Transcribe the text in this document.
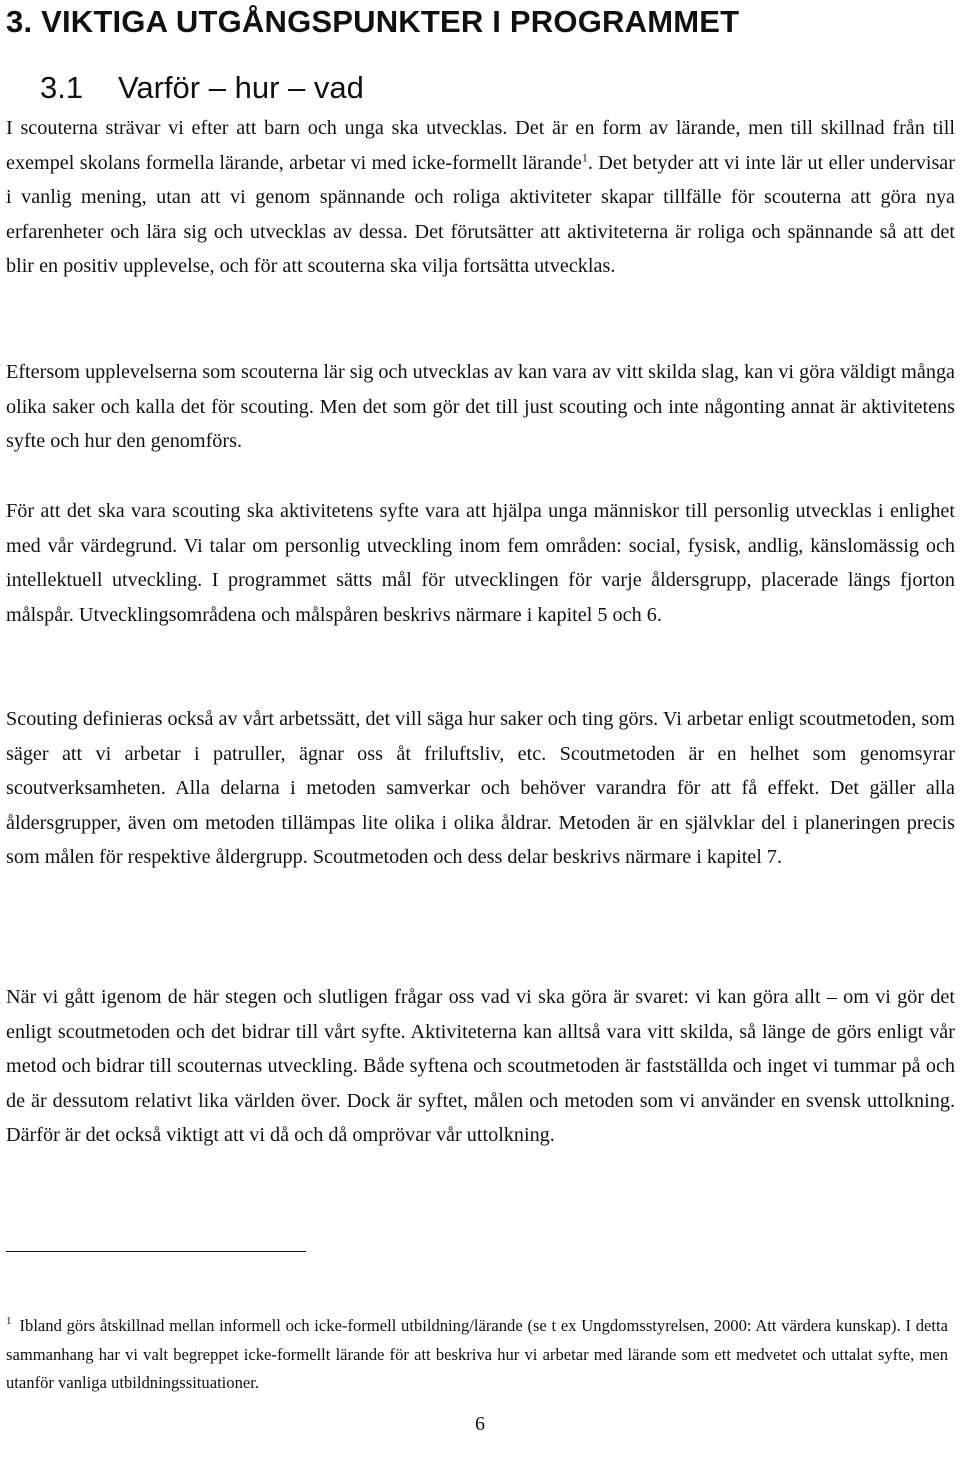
3. VIKTIGA UTGÅNGSPUNKTER I PROGRAMMET
3.1 Varför – hur – vad

I scouterna strävar vi efter att barn och unga ska utvecklas. Det är en form av lärande, men till skillnad från till exempel skolans formella lärande, arbetar vi med icke-formellt lärande$^1$. Det betyder att vi inte lär ut eller undervisar i vanlig mening, utan att vi genom spännande och roliga aktiviteter skapar tillfälle för scouterna att göra nya erfarenheter och lära sig och utvecklas av dessa. Det förutsätter att aktiviteterna är roliga och spännande så att det blir en positiv upplevelse, och för att scouterna ska vilja fortsätta utvecklas.

Eftersom upplevelserna som scouterna lär sig och utvecklas av kan vara av vitt skilda slag, kan vi göra väldigt många olika saker och kalla det för scouting. Men det som gör det till just scouting och inte någonting annat är aktivitetens syfte och hur den genomförs.

För att det ska vara scouting ska aktivitetens syfte vara att hjälpa unga människor till personlig utvecklas i enlighet med vår värdegrund. Vi talar om personlig utveckling inom fem områden: social, fysisk, andlig, känslomässig och intellektuell utveckling. I programmet sätts mål för utvecklingen för varje åldersgrupp, placerade längs fjorton målspår. Utvecklingsområdena och målspåren beskrivs närmare i kapitel 5 och 6.

Scouting definieras också av vårt arbetssätt, det vill säga hur saker och ting görs. Vi arbetar enligt scoutmetoden, som säger att vi arbetar i patruller, ägnar oss åt friluftsliv, etc. Scoutmetoden är en helhet som genomsyrar scoutverksamheten. Alla delarna i metoden samverkar och behöver varandra för att få effekt. Det gäller alla åldersgrupper, även om metoden tillämpas lite olika i olika åldrar. Metoden är en självklar del i planeringen precis som målen för respektive åldergrupp. Scoutmetoden och dess delar beskrivs närmare i kapitel 7.

När vi gått igenom de här stegen och slutligen frågar oss vad vi ska göra är svaret: vi kan göra allt – om vi gör det enligt scoutmetoden och det bidrar till vårt syfte. Aktiviteterna kan alltså vara vitt skilda, så länge de görs enligt vår metod och bidrar till scouternas utveckling. Både syftena och scoutmetoden är fastställda och inget vi tummar på och de är dessutom relativt lika världen över. Dock är syftet, målen och metoden som vi använder en svensk uttolkning. Därför är det också viktigt att vi då och då omprövar vår uttolkning.

$^1$ Ibland görs åtskillnad mellan informell och icke-formell utbildning/lärande (se t ex Ungdomsstyrelsen, 2000: Att värdera kunskap). I detta sammanhang har vi valt begreppet icke-formellt lärande för att beskriva hur vi arbetar med lärande som ett medvetet och uttalat syfte, men utanför vanliga utbildningssituationer.

6
